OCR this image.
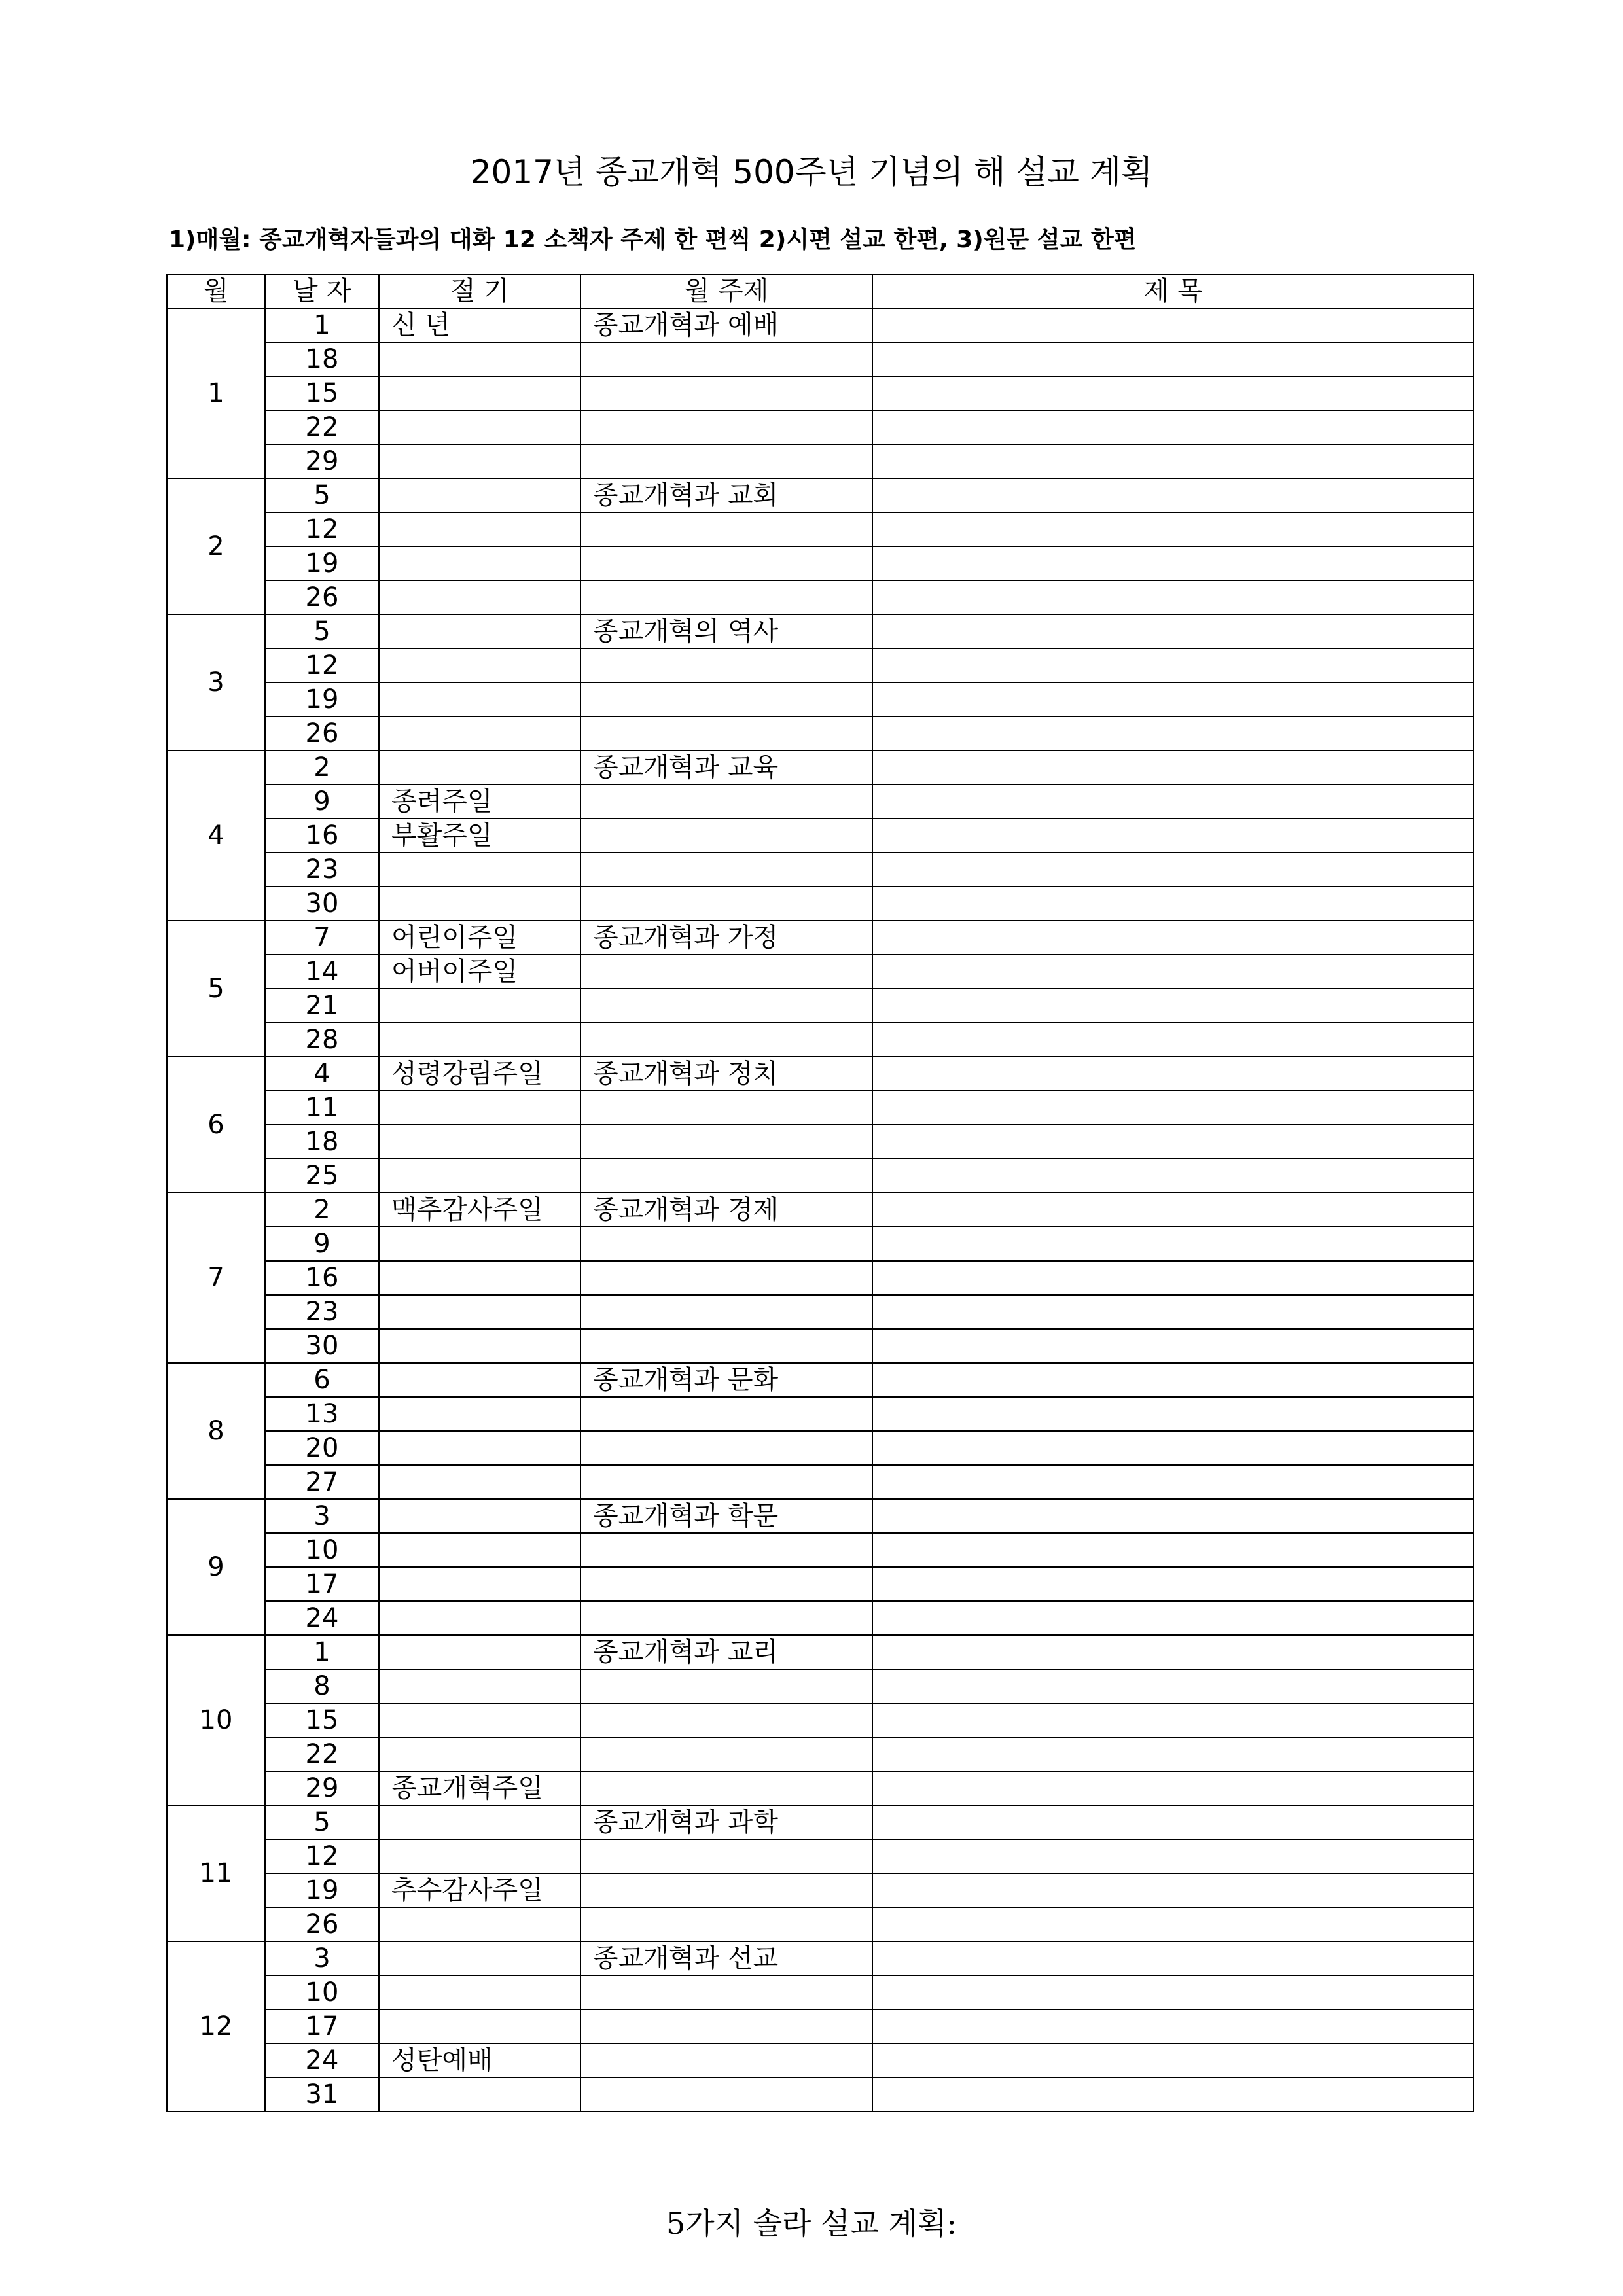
2017년 종교개혁 500주년 기념의 해 설교 계획
1)매월: 종교개혁자들과의 대화 12 소책자 주제 한 편씩 2)시편 설교 한편, 3)원문 설교 한편
월	날 자	절 기	월 주제	제 목
1	1	신 년	종교개혁과 예배	
	18			
	15			
	22			
	29			
2	5		종교개혁과 교회	
	12			
	19			
	26			
3	5		종교개혁의 역사	
	12			
	19			
	26			
4	2		종교개혁과 교육	
	9	종려주일		
	16	부활주일		
	23			
	30			
5	7	어린이주일	종교개혁과 가정	
	14	어버이주일		
	21			
	28			
6	4	성령강림주일	종교개혁과 정치	
	11			
	18			
	25			
7	2	맥추감사주일	종교개혁과 경제	
	9			
	16			
	23			
	30			
8	6		종교개혁과 문화	
	13			
	20			
	27			
9	3		종교개혁과 학문	
	10			
	17			
	24			
10	1		종교개혁과 교리	
	8			
	15			
	22			
	29	종교개혁주일		
11	5		종교개혁과 과학	
	12			
	19	추수감사주일		
	26			
12	3		종교개혁과 선교	
	10			
	17			
	24	성탄예배		
	31			
5가지 솔라 설교 계획:
